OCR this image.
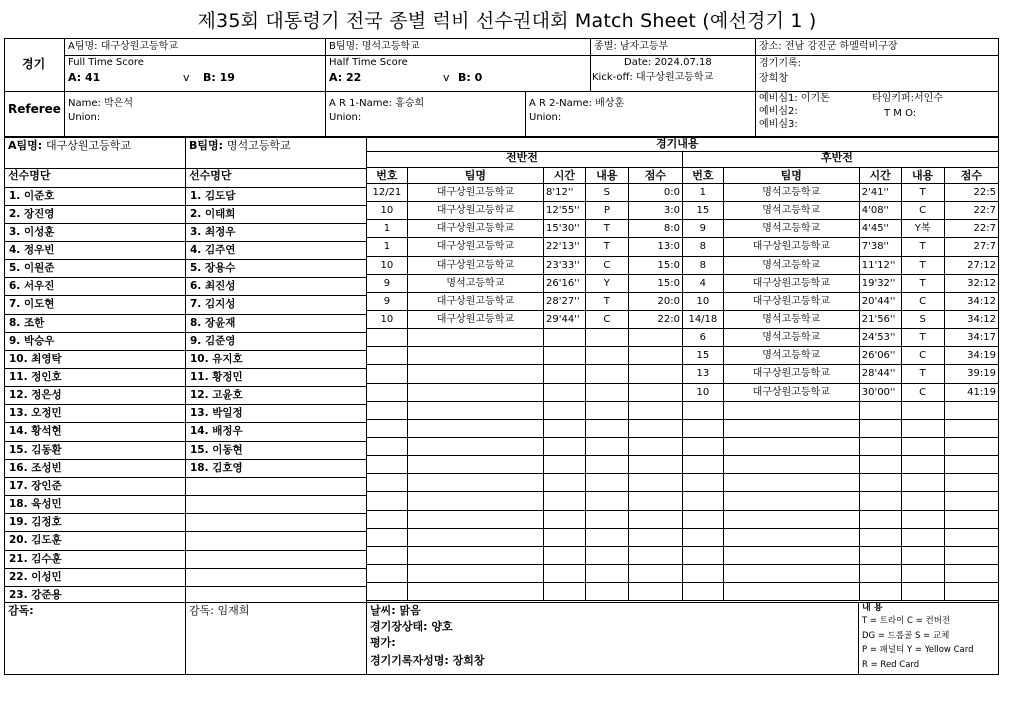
제35회 대통령기 전국 종별 럭비 선수권대회 Match Sheet (예선경기 1 )
경기
A팀명: 대구상원고등학교	B팀명: 명석고등학교	종별: 남자고등부	장소: 전남 강진군 하멜럭비구장
Full Time Score
A: 41	v B: 19
Half Time Score
A: 22	v B: 0
Date: 2024.07.18
Kick-off: 대구상원고등학교
경기기록:
장희창
Referee Name: 박은석
Union:
A R 1-Name: 홍승희
Union:
A R 2-Name: 배상훈
Union:
예비심1: 이기돈
예비심2:
예비심3:
타임키퍼:서인수
T M O:
A팀명: 대구상원고등학교	B팀명: 명석고등학교
선수명단	선수명단
1. 이준호	1. 김도담
2. 장진영	2. 이태희
3. 이성훈	3. 최정우
4. 정우빈	4. 김주연
5. 이원준	5. 장용수
6. 서우진	6. 최진성
7. 이도현	7. 김지성
8. 조한	8. 장윤재
9. 박승우	9. 김준영
10. 최영탁	10. 유지호
11. 정인호	11. 황정민
12. 정은성	12. 고윤호
13. 오정민	13. 박일정
14. 황석현	14. 배정우
15. 김동환	15. 이동현
16. 조성빈	18. 김호영
17. 장인준
18. 육성민
19. 김정호
20. 김도훈
21. 김수훈
22. 이성민
23. 강준용
경기내용
전반전	후반전
번호	팀명	시간	내용	점수
12/21	대구상원고등학교	8'12''	S	0:0
10	대구상원고등학교	12'55''	P	3:0
1	대구상원고등학교	15'30''	T	8:0
1	대구상원고등학교	22'13''	T	13:0
10	대구상원고등학교	23'33''	C	15:0
9	명석고등학교	26'16''	Y	15:0
9	대구상원고등학교	28'27''	T	20:0
10	대구상원고등학교	29'44''	C	22:0

번호	팀명	시간	내용	점수
1	명석고등학교	2'41''	T	22:5
15	명석고등학교	4'08''	C	22:7
9	명석고등학교	4'45''	Y복	22:7
8	대구상원고등학교	7'38''	T	27:7
8	명석고등학교	11'12''	T	27:12
4	대구상원고등학교	19'32''	T	32:12
10	대구상원고등학교	20'44''	C	34:12
14/18	명석고등학교	21'56''	S	34:12
6	명석고등학교	24'53''	T	34:17
15	명석고등학교	26'06''	C	34:19
13	대구상원고등학교	28'44''	T	39:19
10	대구상원고등학교	30'00''	C	41:19

감독:	감독: 임재희	날씨: 맑음
경기장상태: 양호
평가:
경기기록자성명: 장희창
내 용
T = 트라이 C = 컨버전
DG = 드롭골 S = 교체
P = 패널티 Y = Yellow Card
R = Red Card
